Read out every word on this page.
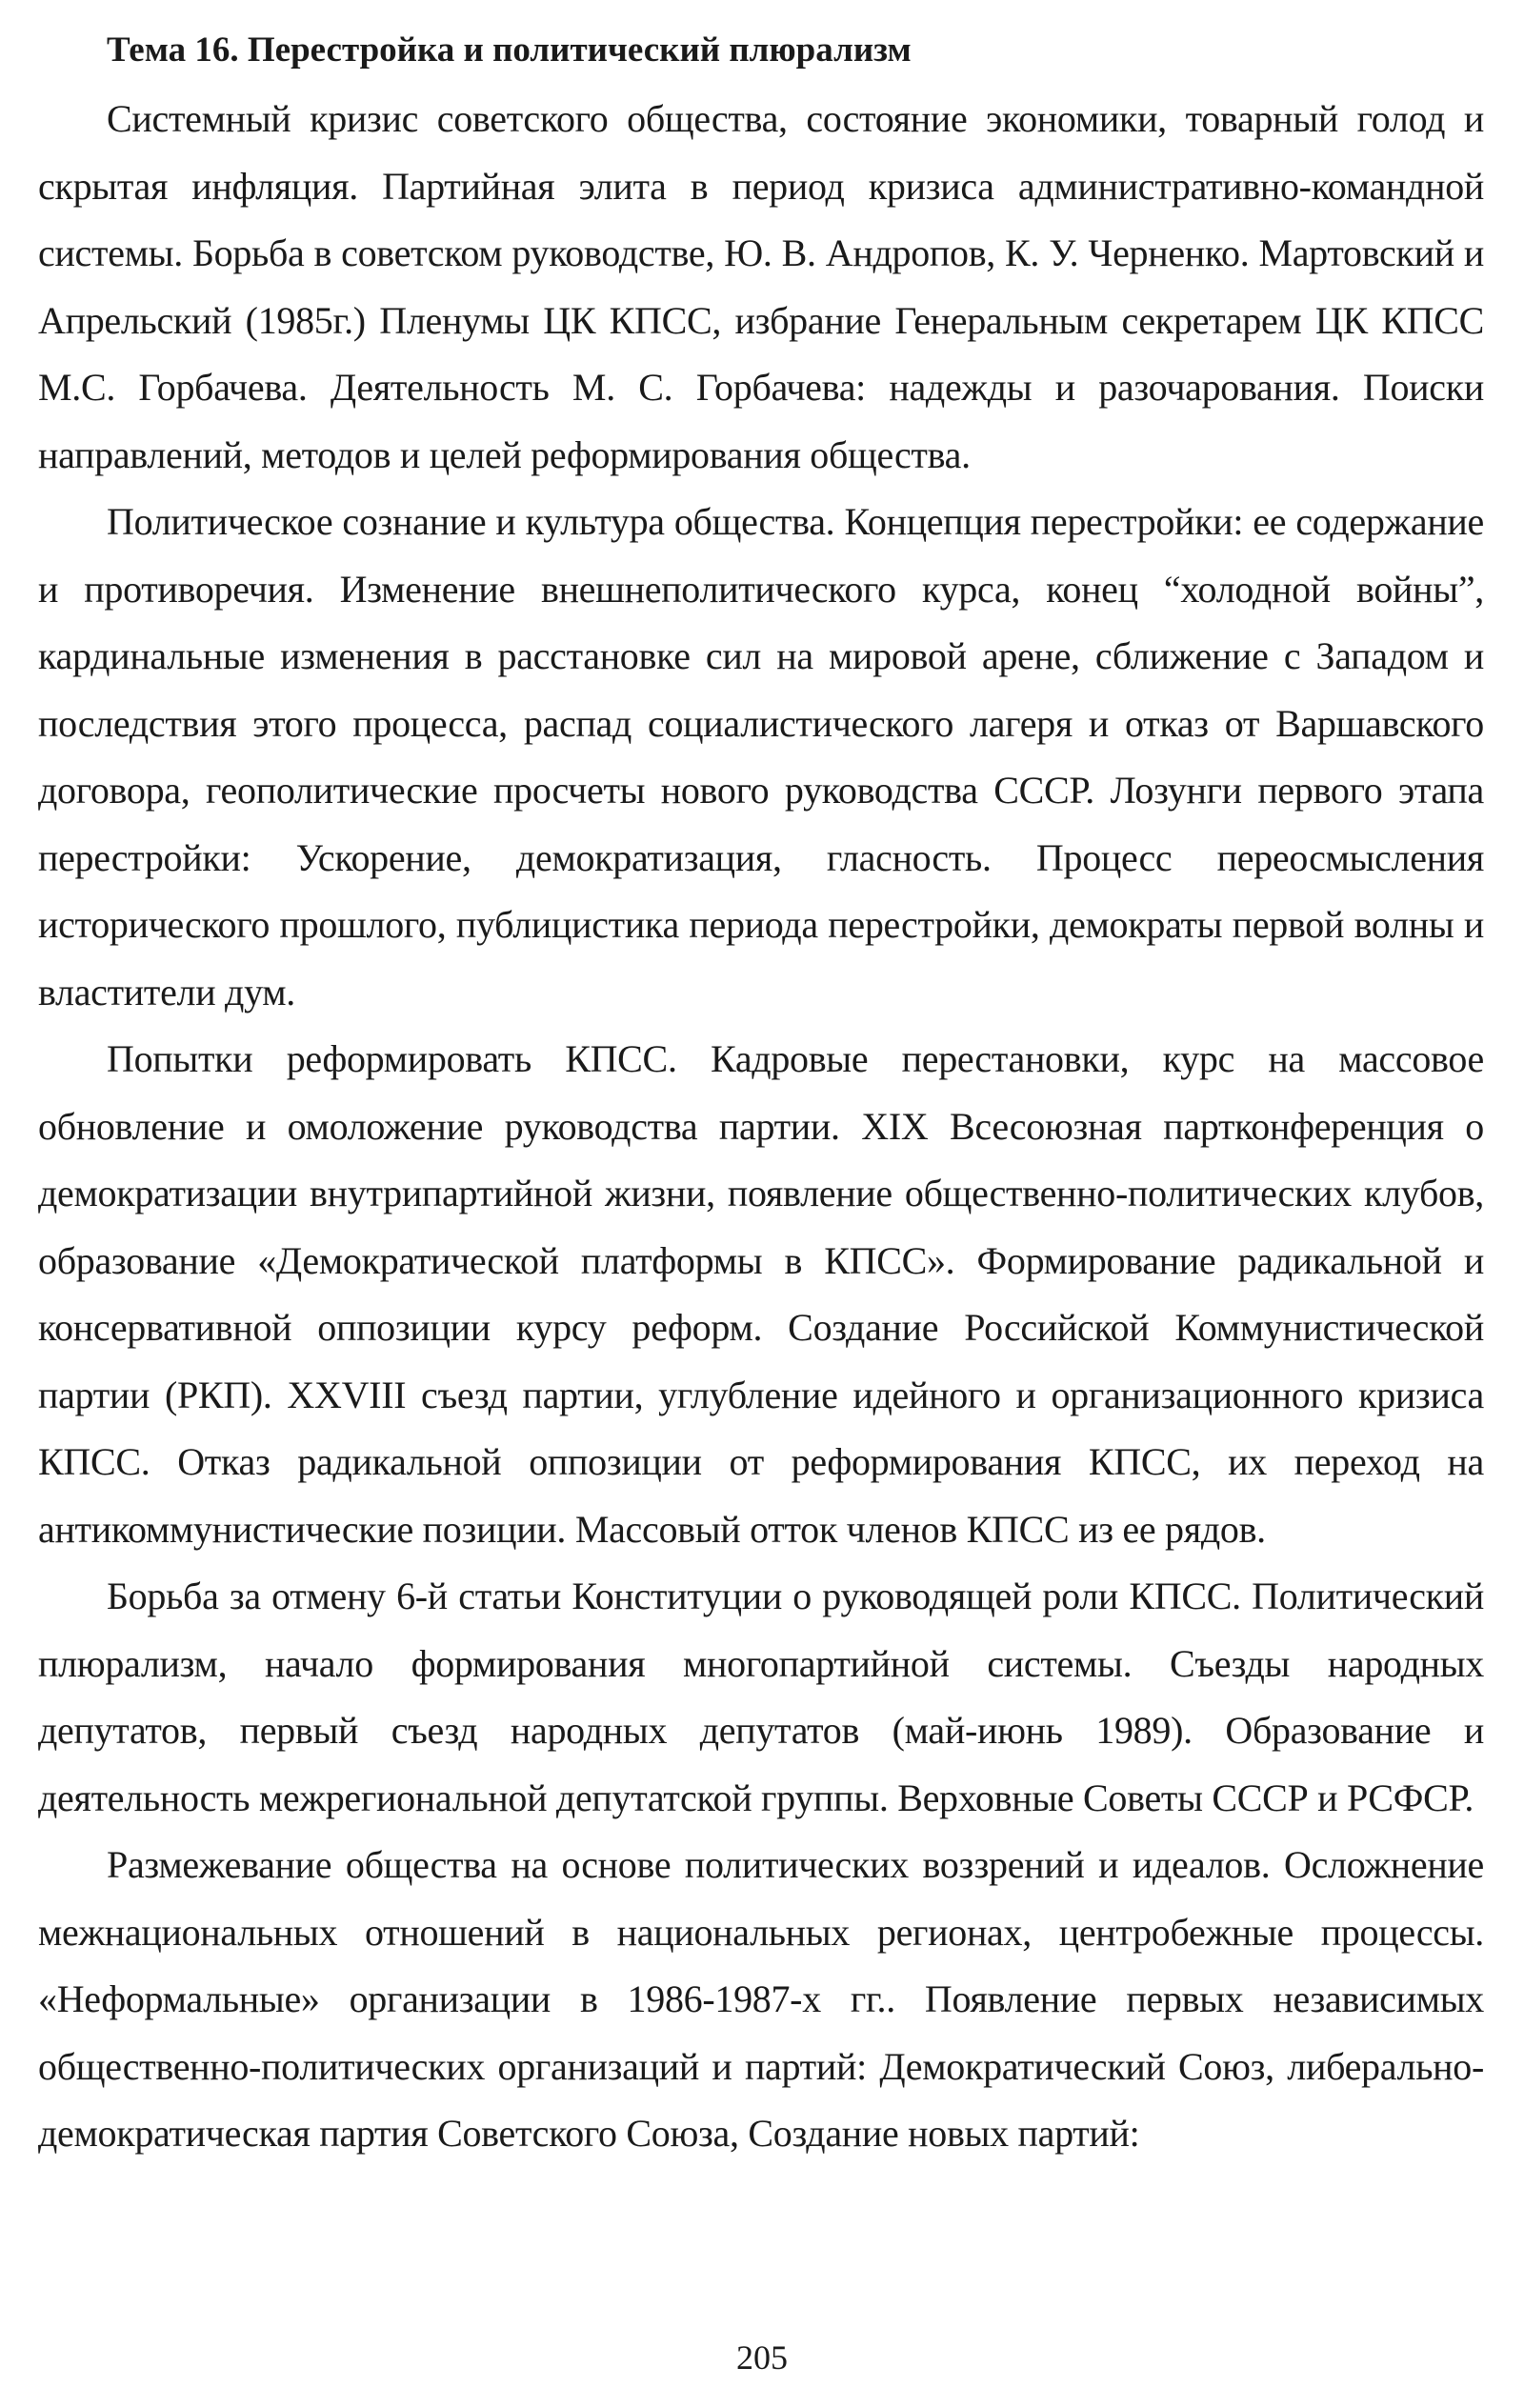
Тема 16. Перестройка и политический плюрализм

Системный кризис советского общества, состояние экономики, товарный голод и скрытая инфляция. Партийная элита в период кризиса административно-командной системы. Борьба в советском руководстве, Ю. В. Андропов, К. У. Черненко. Мартовский и Апрельский (1985г.) Пленумы ЦК КПСС, избрание Генеральным секретарем ЦК КПСС М.С. Горбачева. Деятельность М. С. Горбачева: надежды и разочарования. Поиски направлений, методов и целей реформирования общества.

Политическое сознание и культура общества. Концепция перестройки: ее содержание и противоречия. Изменение внешнеполитического курса, конец “холодной войны”, кардинальные изменения в расстановке сил на мировой арене, сближение с Западом и последствия этого процесса, распад социалистического лагеря и отказ от Варшавского договора, геополитические просчеты нового руководства СССР. Лозунги первого этапа перестройки: Ускорение, демократизация, гласность. Процесс переосмысления исторического прошлого, публицистика периода перестройки, демократы первой волны и властители дум.

Попытки реформировать КПСС. Кадровые перестановки, курс на массовое обновление и омоложение руководства партии. XIX Всесоюзная партконференция о демократизации внутрипартийной жизни, появление общественно-политических клубов, образование «Демократической платформы в КПСС». Формирование радикальной и консервативной оппозиции курсу реформ. Создание Российской Коммунистической партии (РКП). XXVIII съезд партии, углубление идейного и организационного кризиса КПСС. Отказ радикальной оппозиции от реформирования КПСС, их переход на антикоммунистические позиции. Массовый отток членов КПСС из ее рядов.

Борьба за отмену 6-й статьи Конституции о руководящей роли КПСС. Политический плюрализм, начало формирования многопартийной системы. Съезды народных депутатов, первый съезд народных депутатов (май-июнь 1989). Образование и деятельность межрегиональной депутатской группы. Верховные Советы СССР и РСФСР.

Размежевание общества на основе политических воззрений и идеалов. Осложнение межнациональных отношений в национальных регионах, центробежные процессы. «Неформальные» организации в 1986-1987-х гг.. Появление первых независимых общественно-политических организаций и партий: Демократический Союз, либерально-демократическая партия Советского Союза, Создание новых партий:

205
